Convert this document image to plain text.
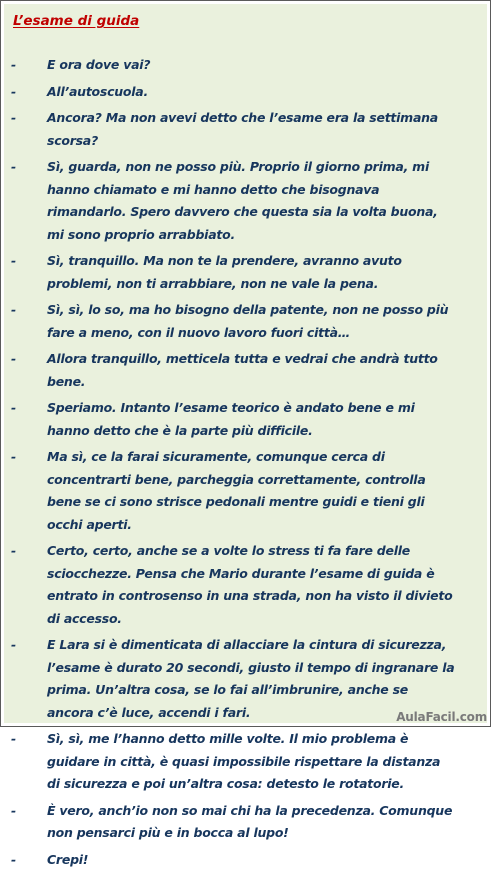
L’esame di guida
-	E ora dove vai?
-	All’autoscuola.
-	Ancora? Ma non avevi detto che l’esame era la settimana scorsa?
-	Sì, guarda, non ne posso più. Proprio il giorno prima, mi hanno chiamato e mi hanno detto che bisognava rimandarlo. Spero davvero che questa sia la volta buona, mi sono proprio arrabbiato.
-	Sì, tranquillo. Ma non te la prendere, avranno avuto problemi, non ti arrabbiare, non ne vale la pena.
-	Sì, sì, lo so, ma ho bisogno della patente, non ne posso più fare a meno, con il nuovo lavoro fuori città…
-	Allora tranquillo, metticela tutta e vedrai che andrà tutto bene.
-	Speriamo. Intanto l’esame teorico è andato bene e mi hanno detto che è la parte più difficile.
-	Ma sì, ce la farai sicuramente, comunque cerca di concentrarti bene, parcheggia correttamente, controlla bene se ci sono strisce pedonali mentre guidi e tieni gli occhi aperti.
-	Certo, certo, anche se a volte lo stress ti fa fare delle sciocchezze. Pensa che Mario durante l’esame di guida è entrato in controsenso in una strada, non ha visto il divieto di accesso.
-	E Lara si è dimenticata di allacciare la cintura di sicurezza, l’esame è durato 20 secondi, giusto il tempo di ingranare la prima. Un’altra cosa, se lo fai all’imbrunire, anche se ancora c’è luce, accendi i fari.
-	Sì, sì, me l’hanno detto mille volte. Il mio problema è guidare in città, è quasi impossibile rispettare la distanza di sicurezza e poi un’altra cosa: detesto le rotatorie.
-	È vero, anch’io non so mai chi ha la precedenza. Comunque non pensarci più e in bocca al lupo!
-	Crepi!
AulaFacil.com
